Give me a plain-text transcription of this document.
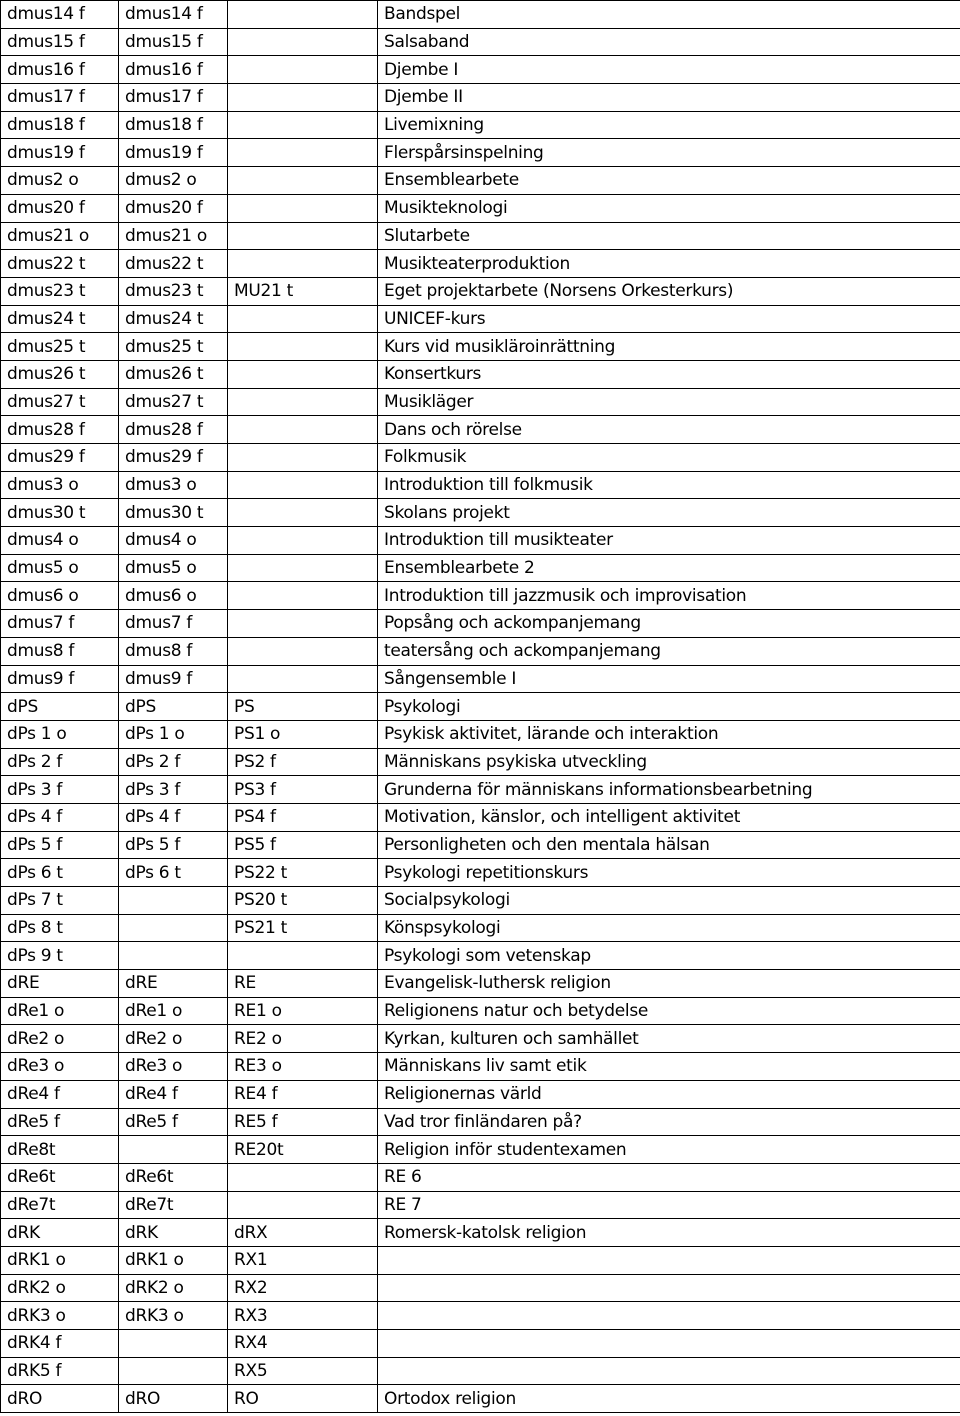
dmus14 f	dmus14 f		Bandspel
dmus15 f	dmus15 f		Salsaband
dmus16 f	dmus16 f		Djembe I
dmus17 f	dmus17 f		Djembe II
dmus18 f	dmus18 f		Livemixning
dmus19 f	dmus19 f		Flerspårsinspelning
dmus2 o	dmus2 o		Ensemblearbete
dmus20 f	dmus20 f		Musikteknologi
dmus21 o	dmus21 o		Slutarbete
dmus22 t	dmus22 t		Musikteaterproduktion
dmus23 t	dmus23 t	MU21 t	Eget projektarbete (Norsens Orkesterkurs)
dmus24 t	dmus24 t		UNICEF-kurs
dmus25 t	dmus25 t		Kurs vid musikläroinrättning
dmus26 t	dmus26 t		Konsertkurs
dmus27 t	dmus27 t		Musikläger
dmus28 f	dmus28 f		Dans och rörelse
dmus29 f	dmus29 f		Folkmusik
dmus3 o	dmus3 o		Introduktion till folkmusik
dmus30 t	dmus30 t		Skolans projekt
dmus4 o	dmus4 o		Introduktion till musikteater
dmus5 o	dmus5 o		Ensemblearbete 2
dmus6 o	dmus6 o		Introduktion till jazzmusik och improvisation
dmus7 f	dmus7 f		Popsång och ackompanjemang
dmus8 f	dmus8 f		teatersång och ackompanjemang
dmus9 f	dmus9 f		Sångensemble I
dPS	dPS	PS	Psykologi
dPs 1 o	dPs 1 o	PS1 o	Psykisk aktivitet, lärande och interaktion
dPs 2 f	dPs 2 f	PS2 f	Människans psykiska utveckling
dPs 3 f	dPs 3 f	PS3 f	Grunderna för människans informationsbearbetning
dPs 4 f	dPs 4 f	PS4 f	Motivation, känslor, och intelligent aktivitet
dPs 5 f	dPs 5 f	PS5 f	Personligheten och den mentala hälsan
dPs 6 t	dPs 6 t	PS22 t	Psykologi repetitionskurs
dPs 7 t		PS20 t	Socialpsykologi
dPs 8 t		PS21 t	Könspsykologi
dPs 9 t			Psykologi som vetenskap
dRE	dRE	RE	Evangelisk-luthersk religion
dRe1 o	dRe1 o	RE1 o	Religionens natur och betydelse
dRe2 o	dRe2 o	RE2 o	Kyrkan, kulturen och samhället
dRe3 o	dRe3 o	RE3 o	Människans liv samt etik
dRe4 f	dRe4 f	RE4 f	Religionernas värld
dRe5 f	dRe5 f	RE5 f	Vad tror finländaren på?
dRe8t		RE20t	Religion inför studentexamen
dRe6t	dRe6t		RE 6
dRe7t	dRe7t		RE 7
dRK	dRK	dRX	Romersk-katolsk religion
dRK1 o	dRK1 o	RX1	
dRK2 o	dRK2 o	RX2	
dRK3 o	dRK3 o	RX3	
dRK4 f		RX4	
dRK5 f		RX5	
dRO	dRO	RO	Ortodox religion
